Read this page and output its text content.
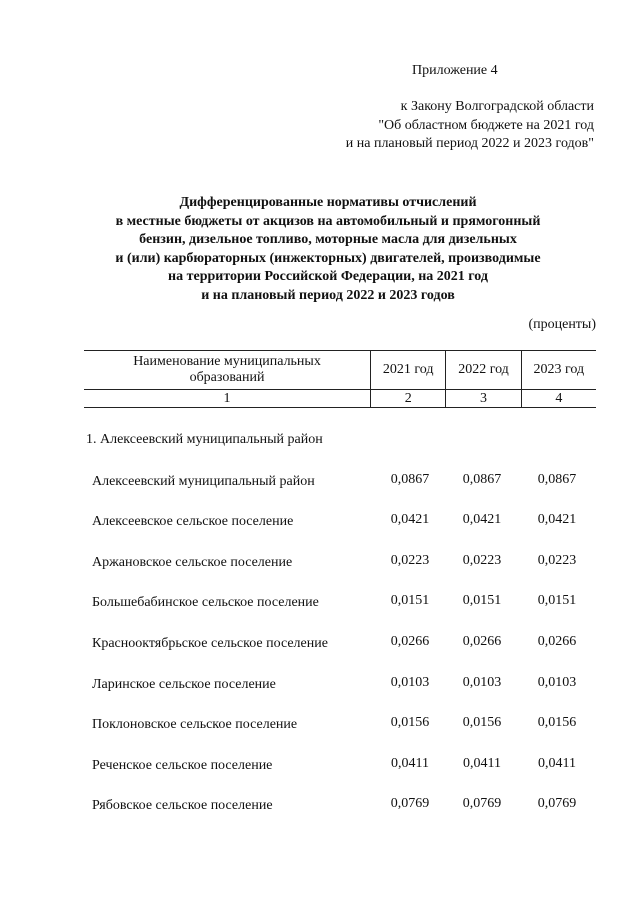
Приложение 4
к Закону Волгоградской области
"Об областном бюджете на 2021 год
и на плановый период 2022 и 2023 годов"
Дифференцированные нормативы отчислений
в местные бюджеты от акцизов на автомобильный и прямогонный
бензин, дизельное топливо, моторные масла для дизельных
и (или) карбюраторных (инжекторных) двигателей, производимые
на территории Российской Федерации, на 2021 год
и на плановый период 2022 и 2023 годов
(проценты)
Наименование муниципальных образований	2021 год	2022 год	2023 год
1	2	3	4
1. Алексеевский муниципальный район
Алексеевский муниципальный район	0,0867	0,0867	0,0867
Алексеевское сельское поселение	0,0421	0,0421	0,0421
Аржановское сельское поселение	0,0223	0,0223	0,0223
Большебабинское сельское поселение	0,0151	0,0151	0,0151
Краснооктябрьское сельское поселение	0,0266	0,0266	0,0266
Ларинское сельское поселение	0,0103	0,0103	0,0103
Поклоновское сельское поселение	0,0156	0,0156	0,0156
Реченское сельское поселение	0,0411	0,0411	0,0411
Рябовское сельское поселение	0,0769	0,0769	0,0769
